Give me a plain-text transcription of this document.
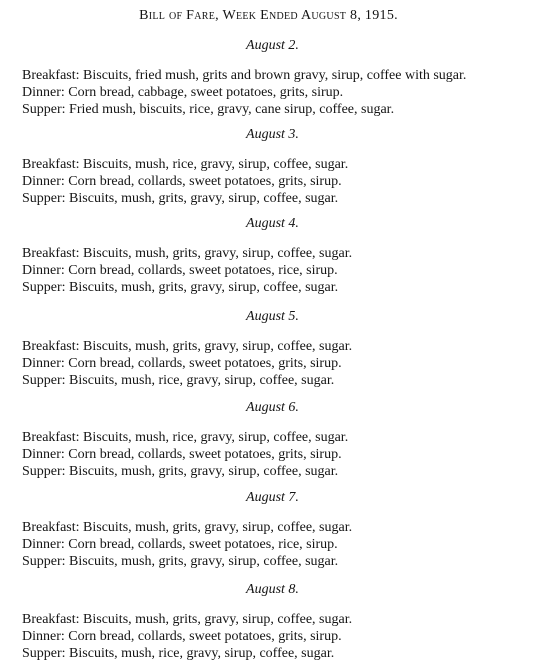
Bill of Fare, Week Ended August 8, 1915.
August 2.
Breakfast: Biscuits, fried mush, grits and brown gravy, sirup, coffee with sugar.
Dinner: Corn bread, cabbage, sweet potatoes, grits, sirup.
Supper: Fried mush, biscuits, rice, gravy, cane sirup, coffee, sugar.
August 3.
Breakfast: Biscuits, mush, rice, gravy, sirup, coffee, sugar.
Dinner: Corn bread, collards, sweet potatoes, grits, sirup.
Supper: Biscuits, mush, grits, gravy, sirup, coffee, sugar.
August 4.
Breakfast: Biscuits, mush, grits, gravy, sirup, coffee, sugar.
Dinner: Corn bread, collards, sweet potatoes, rice, sirup.
Supper: Biscuits, mush, grits, gravy, sirup, coffee, sugar.
August 5.
Breakfast: Biscuits, mush, grits, gravy, sirup, coffee, sugar.
Dinner: Corn bread, collards, sweet potatoes, grits, sirup.
Supper: Biscuits, mush, rice, gravy, sirup, coffee, sugar.
August 6.
Breakfast: Biscuits, mush, rice, gravy, sirup, coffee, sugar.
Dinner: Corn bread, collards, sweet potatoes, grits, sirup.
Supper: Biscuits, mush, grits, gravy, sirup, coffee, sugar.
August 7.
Breakfast: Biscuits, mush, grits, gravy, sirup, coffee, sugar.
Dinner: Corn bread, collards, sweet potatoes, rice, sirup.
Supper: Biscuits, mush, grits, gravy, sirup, coffee, sugar.
August 8.
Breakfast: Biscuits, mush, grits, gravy, sirup, coffee, sugar.
Dinner: Corn bread, collards, sweet potatoes, grits, sirup.
Supper: Biscuits, mush, rice, gravy, sirup, coffee, sugar.
